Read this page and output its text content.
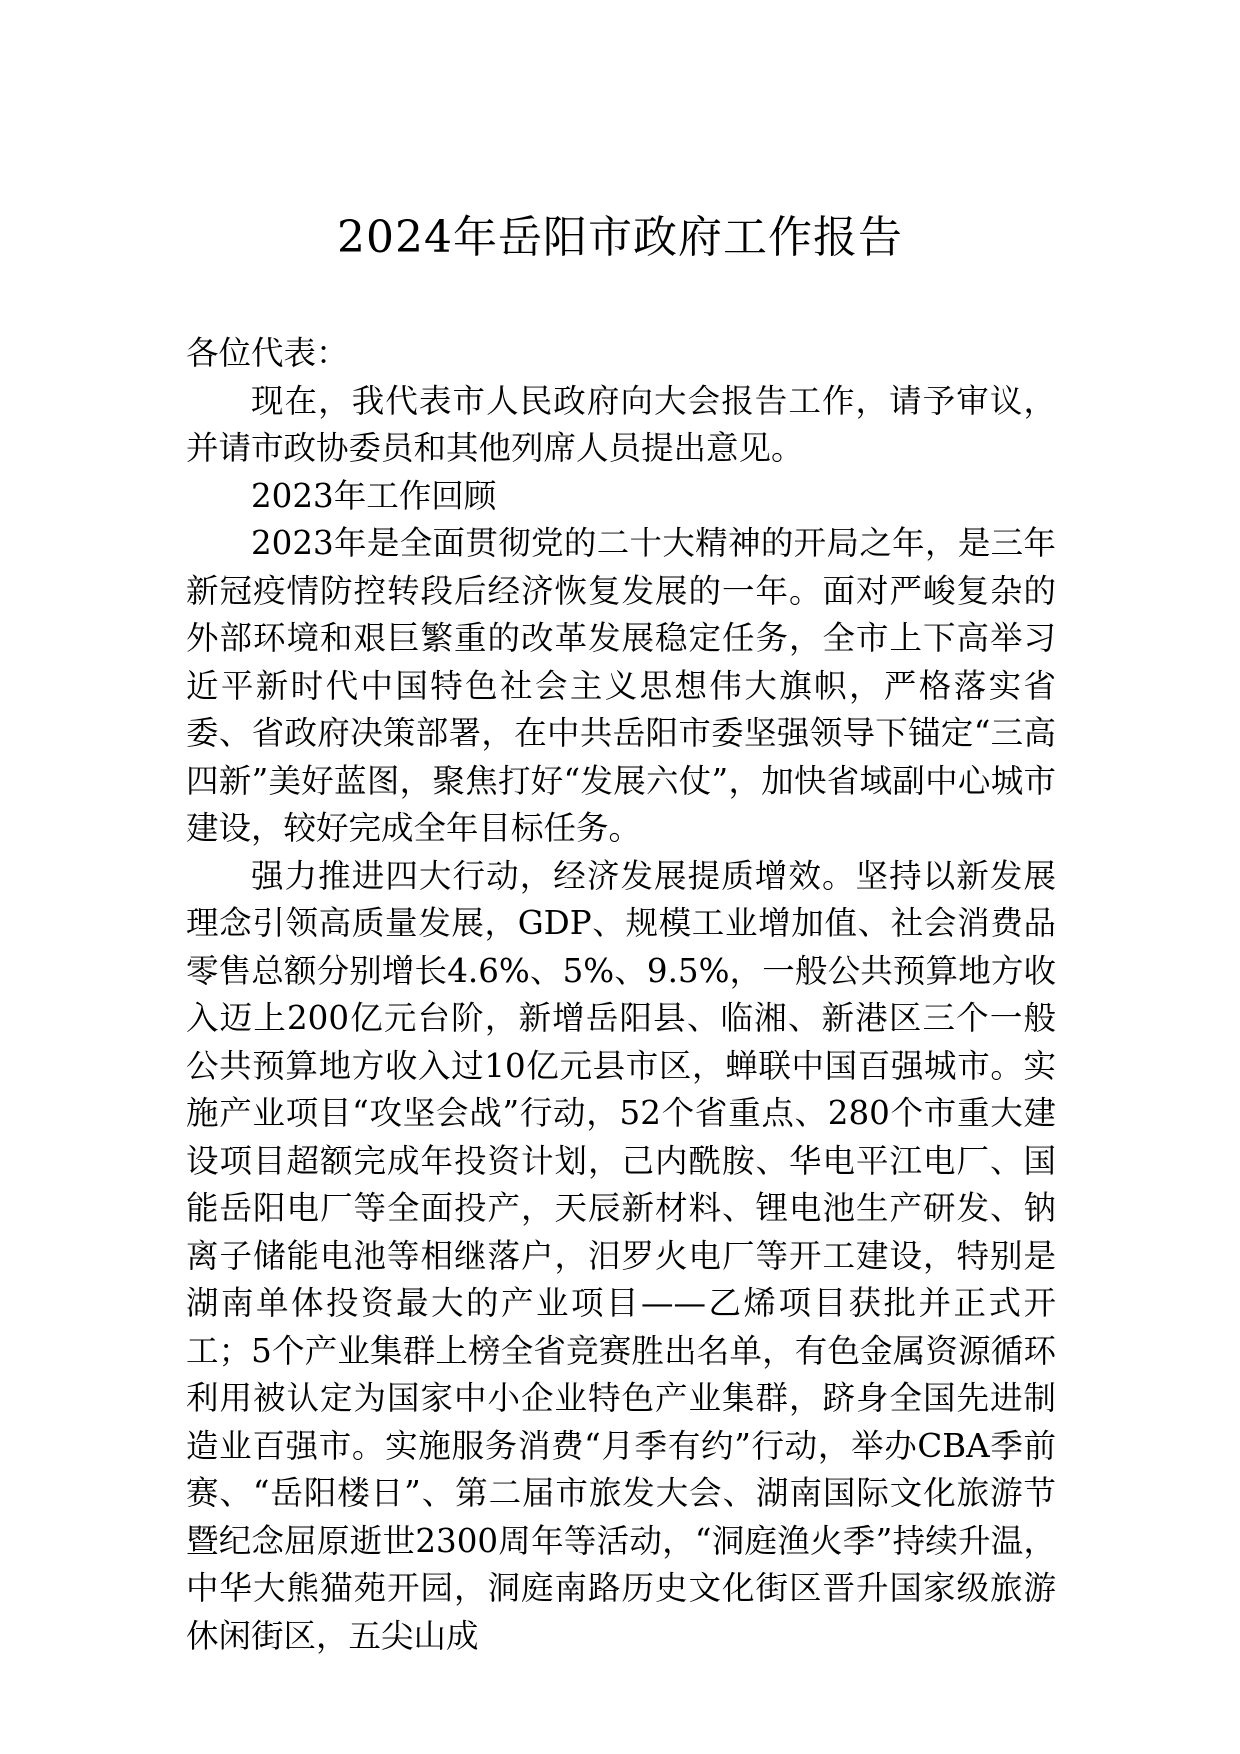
2024年岳阳市政府工作报告

各位代表：

现在，我代表市人民政府向大会报告工作，请予审议，并请市政协委员和其他列席人员提出意见。

2023年工作回顾

2023年是全面贯彻党的二十大精神的开局之年，是三年新冠疫情防控转段后经济恢复发展的一年。面对严峻复杂的外部环境和艰巨繁重的改革发展稳定任务，全市上下高举习近平新时代中国特色社会主义思想伟大旗帜，严格落实省委、省政府决策部署，在中共岳阳市委坚强领导下锚定“三高四新”美好蓝图，聚焦打好“发展六仗”，加快省域副中心城市建设，较好完成全年目标任务。

强力推进四大行动，经济发展提质增效。坚持以新发展理念引领高质量发展，GDP、规模工业增加值、社会消费品零售总额分别增长4.6%、5%、9.5%，一般公共预算地方收入迈上200亿元台阶，新增岳阳县、临湘、新港区三个一般公共预算地方收入过10亿元县市区，蝉联中国百强城市。实施产业项目“攻坚会战”行动，52个省重点、280个市重大建设项目超额完成年投资计划，己内酰胺、华电平江电厂、国能岳阳电厂等全面投产，天辰新材料、锂电池生产研发、钠离子储能电池等相继落户，汨罗火电厂等开工建设，特别是湖南单体投资最大的产业项目——乙烯项目获批并正式开工；5个产业集群上榜全省竞赛胜出名单，有色金属资源循环利用被认定为国家中小企业特色产业集群，跻身全国先进制造业百强市。实施服务消费“月季有约”行动，举办CBA季前赛、“岳阳楼日”、第二届市旅发大会、湖南国际文化旅游节暨纪念屈原逝世2300周年等活动，“洞庭渔火季”持续升温，中华大熊猫苑开园，洞庭南路历史文化街区晋升国家级旅游休闲街区，五尖山成
